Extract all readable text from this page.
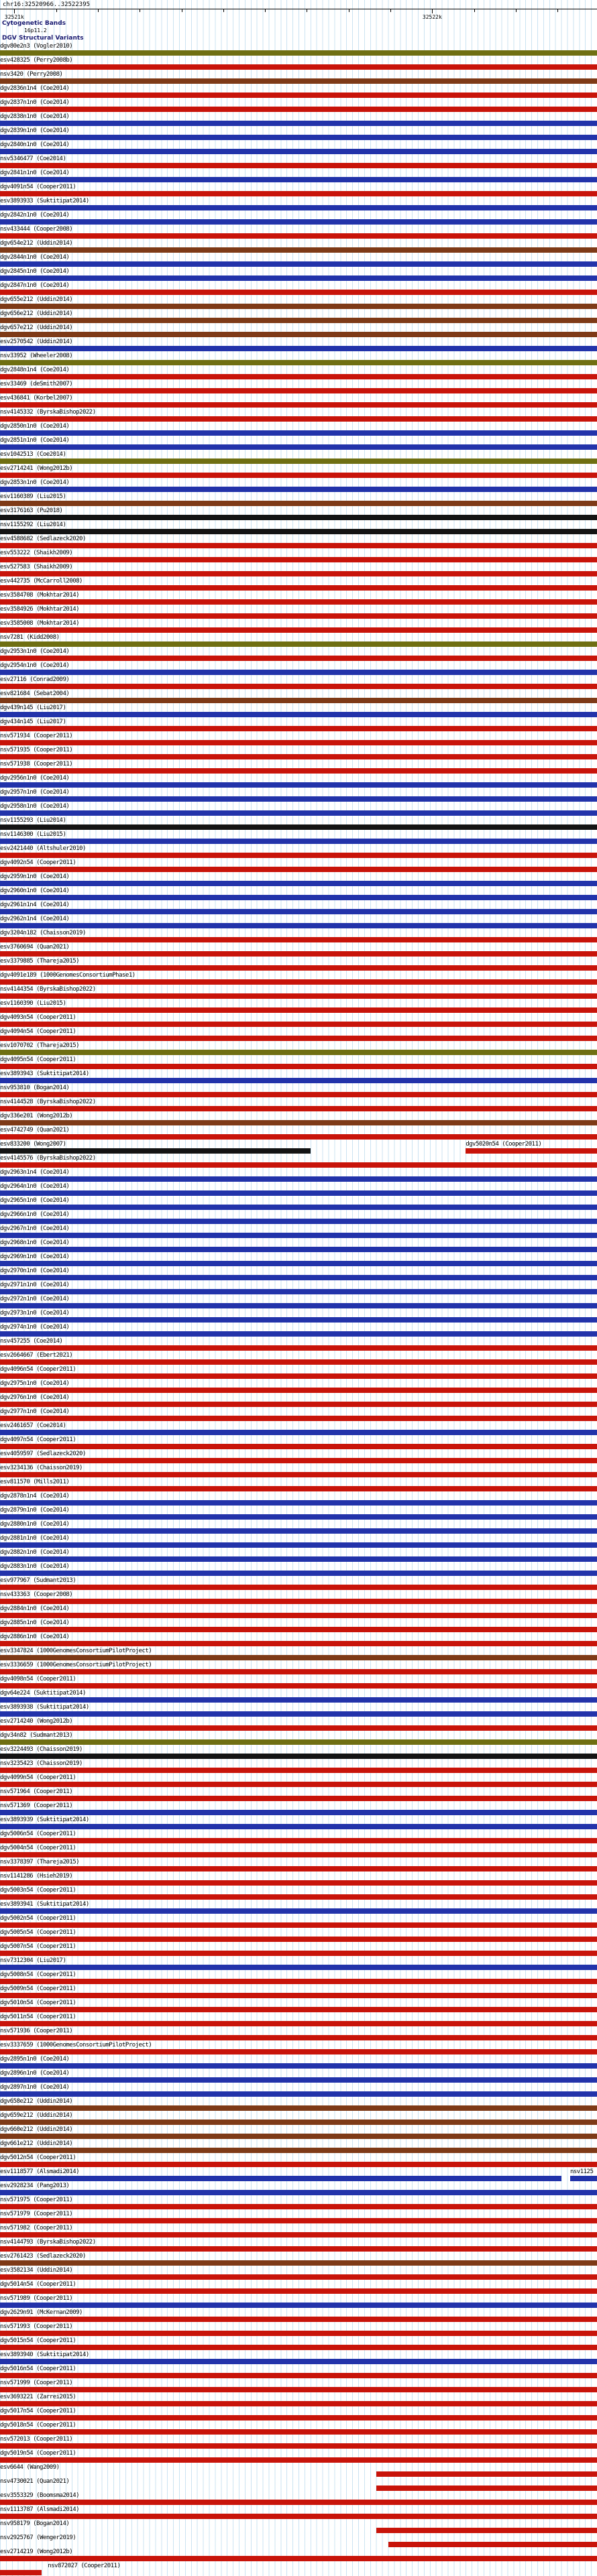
chr16:32520966..32522395
32521k	32522k
Cytogenetic Bands
16p11.2
DGV Structural Variants
dgv80e2n3 (Vogler2010)
esv428325 (Perry2008b)
nsv3420 (Perry2008)
dgv2836n1n4 (Coe2014)
dgv2837n1n0 (Coe2014)
dgv2838n1n0 (Coe2014)
dgv2839n1n0 (Coe2014)
dgv2840n1n0 (Coe2014)
nsv5346477 (Coe2014)
dgv2841n1n0 (Coe2014)
dgv4091n54 (Cooper2011)
esv3893933 (Suktitipat2014)
dgv2842n1n0 (Coe2014)
nsv433444 (Cooper2008)
dgv654e212 (Uddin2014)
dgv2844n1n0 (Coe2014)
dgv2845n1n0 (Coe2014)
dgv2847n1n0 (Coe2014)
dgv655e212 (Uddin2014)
dgv656e212 (Uddin2014)
dgv657e212 (Uddin2014)
esv2570542 (Uddin2014)
nsv33952 (Wheeler2008)
dgv2848n1n4 (Coe2014)
esv33469 (deSmith2007)
esv436841 (Korbel2007)
nsv4145332 (ByrskaBishop2022)
dgv2850n1n0 (Coe2014)
dgv2851n1n0 (Coe2014)
esv1042513 (Coe2014)
esv2714241 (Wong2012b)
dgv2853n1n0 (Coe2014)
esv1160389 (Liu2015)
esv3176163 (Pu2018)
nsv1155292 (Liu2014)
esv4588682 (Sedlazeck2020)
esv553222 (Shaikh2009)
esv527583 (Shaikh2009)
esv442735 (McCarroll2008)
esv3584708 (Mokhtar2014)
esv3584926 (Mokhtar2014)
esv3585008 (Mokhtar2014)
nsv7281 (Kidd2008)
dgv2953n1n0 (Coe2014)
dgv2954n1n0 (Coe2014)
esv27116 (Conrad2009)
esv821684 (Sebat2004)
dgv439n145 (Liu2017)
dgv434n145 (Liu2017)
nsv571934 (Cooper2011)
nsv571935 (Cooper2011)
nsv571938 (Cooper2011)
dgv2956n1n0 (Coe2014)
dgv2957n1n0 (Coe2014)
dgv2958n1n0 (Coe2014)
nsv1155293 (Liu2014)
nsv1146300 (Liu2015)
esv2421440 (Altshuler2010)
dgv4092n54 (Cooper2011)
dgv2959n1n0 (Coe2014)
dgv2960n1n0 (Coe2014)
dgv2961n1n4 (Coe2014)
dgv2962n1n4 (Coe2014)
dgv3204n182 (Chaisson2019)
esv3760694 (Quan2021)
esv3379885 (Thareja2015)
dgv4091e189 (1000GenomesConsortiumPhase1)
nsv4144354 (ByrskaBishop2022)
esv1160390 (Liu2015)
dgv4093n54 (Cooper2011)
dgv4094n54 (Cooper2011)
esv1070702 (Thareja2015)
dgv4095n54 (Cooper2011)
esv3893943 (Suktitipat2014)
nsv953810 (Bogan2014)
nsv4144528 (ByrskaBishop2022)
dgv336e201 (Wong2012b)
esv4742749 (Quan2021)
esv833200 (Wong2007)	dgv5020n54 (Cooper2011)
esv4145576 (ByrskaBishop2022)
dgv2963n1n4 (Coe2014)
dgv2964n1n0 (Coe2014)
dgv2965n1n0 (Coe2014)
dgv2966n1n0 (Coe2014)
dgv2967n1n0 (Coe2014)
dgv2968n1n0 (Coe2014)
dgv2969n1n0 (Coe2014)
dgv2970n1n0 (Coe2014)
dgv2971n1n0 (Coe2014)
dgv2972n1n0 (Coe2014)
dgv2973n1n0 (Coe2014)
dgv2974n1n0 (Coe2014)
nsv457255 (Coe2014)
esv2664667 (Ebert2021)
dgv4096n54 (Cooper2011)
dgv2975n1n0 (Coe2014)
dgv2976n1n0 (Coe2014)
dgv2977n1n0 (Coe2014)
esv2461657 (Coe2014)
dgv4097n54 (Cooper2011)
esv4059597 (Sedlazeck2020)
esv3234136 (Chaisson2019)
esv811570 (Mills2011)
dgv2878n1n4 (Coe2014)
dgv2879n1n0 (Coe2014)
dgv2880n1n0 (Coe2014)
dgv2881n1n0 (Coe2014)
dgv2882n1n0 (Coe2014)
dgv2883n1n0 (Coe2014)
esv977967 (Sudmant2013)
nsv433363 (Cooper2008)
dgv2884n1n0 (Coe2014)
dgv2885n1n0 (Coe2014)
dgv2886n1n0 (Coe2014)
esv3347824 (1000GenomesConsortiumPilotProject)
esv3336659 (1000GenomesConsortiumPilotProject)
dgv4098n54 (Cooper2011)
dgv64e224 (Suktitipat2014)
esv3893938 (Suktitipat2014)
esv2714240 (Wong2012b)
dgv34n82 (Sudmant2013)
esv3224493 (Chaisson2019)
nsv3235423 (Chaisson2019)
dgv4099n54 (Cooper2011)
nsv571964 (Cooper2011)
nsv571369 (Cooper2011)
esv3893939 (Suktitipat2014)
dgv5006n54 (Cooper2011)
dgv5004n54 (Cooper2011)
nsv3378397 (Thareja2015)
nsv1141286 (Hsieh2019)
dgv5003n54 (Cooper2011)
esv3893941 (Suktitipat2014)
dgv5002n54 (Cooper2011)
dgv5005n54 (Cooper2011)
dgv5007n54 (Cooper2011)
nsv7312304 (Liu2017)
dgv5008n54 (Cooper2011)
dgv5009n54 (Cooper2011)
dgv5010n54 (Cooper2011)
dgv5011n54 (Cooper2011)
nsv571936 (Cooper2011)
esv3337659 (1000GenomesConsortiumPilotProject)
dgv2895n1n0 (Coe2014)
dgv2896n1n0 (Coe2014)
dgv2897n1n0 (Coe2014)
dgv658e212 (Uddin2014)
dgv659e212 (Uddin2014)
dgv660e212 (Uddin2014)
dgv661e212 (Uddin2014)
dgv5012n54 (Cooper2011)
esv1118577 (Alsmadi2014)	nsv1125
esv2928234 (Pang2013)
nsv571975 (Cooper2011)
nsv571979 (Cooper2011)
nsv571982 (Cooper2011)
nsv4144793 (ByrskaBishop2022)
esv2761423 (Sedlazeck2020)
esv3582134 (Uddin2014)
dgv5014n54 (Cooper2011)
nsv571989 (Cooper2011)
dgv2629n91 (McKernan2009)
nsv571993 (Cooper2011)
dgv5015n54 (Cooper2011)
esv3893940 (Suktitipat2014)
dgv5016n54 (Cooper2011)
nsv571999 (Cooper2011)
esv3693221 (Zarrei2015)
dgv5017n54 (Cooper2011)
dgv5018n54 (Cooper2011)
nsv572013 (Cooper2011)
dgv5019n54 (Cooper2011)
esv6644 (Wang2009)
nsv4730021 (Quan2021)
esv3553329 (Boomsma2014)
nsv1113787 (Alsmadi2014)
nsv958179 (Bogan2014)
nsv2925767 (Wenger2019)
esv2714219 (Wong2012b)
nsv872027 (Cooper2011)
